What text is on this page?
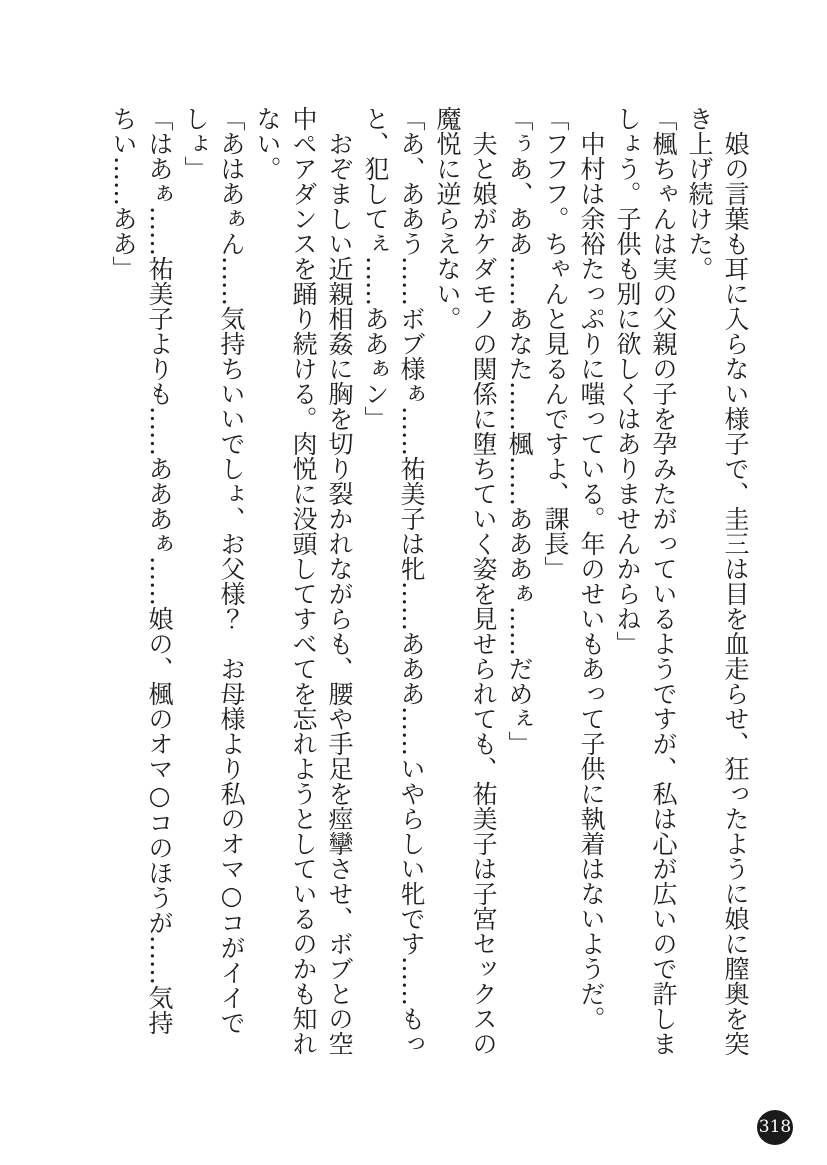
　娘の言葉も耳に入らない様子で、圭三は目を血走らせ、狂ったように娘に膣奥を突き上げ続けた。

「楓ちゃんは実の父親の子を孕みたがっているようですが、私は心が広いので許しましょう。子供も別に欲しくはありませんからね」

　中村は余裕たっぷりに嗤っている。年のせいもあって子供に執着はないようだ。

「フフフ。ちゃんと見るんですよ、課長」

「ぅあ、ああ……あなた……楓……あああぁ……だめぇ」

　夫と娘がケダモノの関係に堕ちていく姿を見せられても、祐美子は子宮セックスの魔悦に逆らえない。

「あ、ああう……ボブ様ぁ……祐美子は牝……あああ……いやらしい牝です……もっと、犯してぇ……ああぁン」

　おぞましい近親相姦に胸を切り裂かれながらも、腰や手足を痙攣させ、ボブとの空中ペアダンスを踊り続ける。肉悦に没頭してすべてを忘れようとしているのかも知れない。

「あはあぁん……気持ちいいでしょ、お父様？　お母様より私のオマ○コがイイでしょ」

「はあぁ……祐美子よりも……あああぁ……娘の、楓のオマ○コのほうが……気持ちい……ああ」

318
